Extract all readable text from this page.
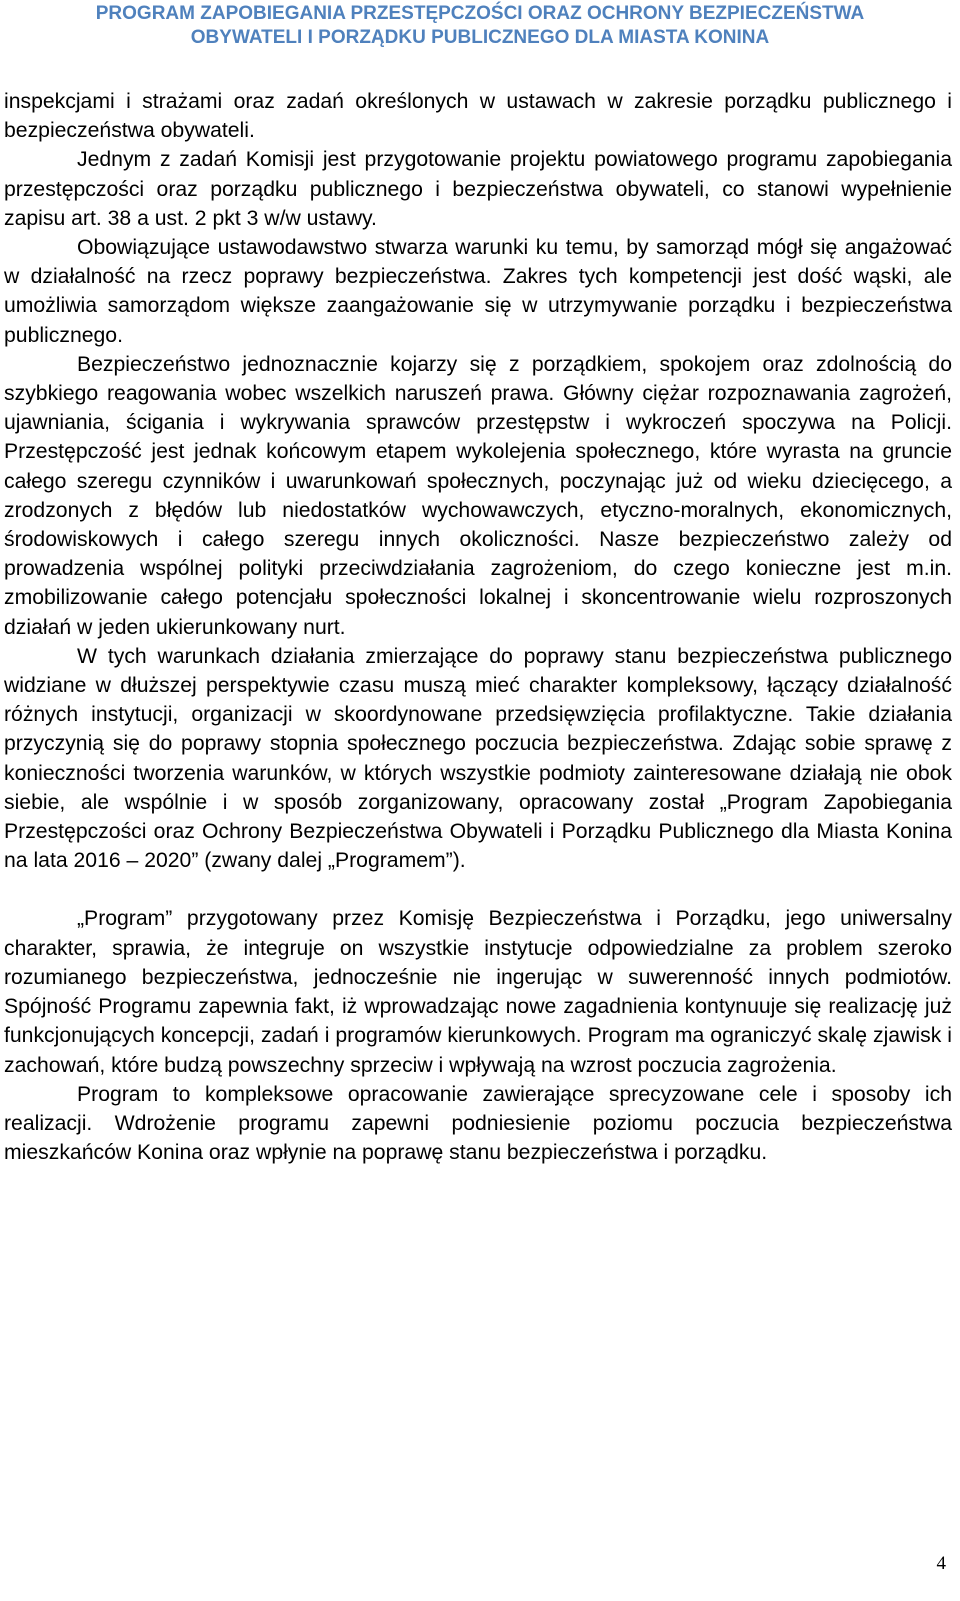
PROGRAM ZAPOBIEGANIA PRZESTĘPCZOŚCI ORAZ OCHRONY BEZPIECZEŃSTWA
OBYWATELI I PORZĄDKU PUBLICZNEGO DLA MIASTA KONINA

inspekcjami i strażami oraz zadań określonych w ustawach w zakresie porządku publicznego i bezpieczeństwa obywateli.

Jednym z zadań Komisji jest przygotowanie projektu powiatowego programu zapobiegania przestępczości oraz porządku publicznego i bezpieczeństwa obywateli, co stanowi wypełnienie zapisu art. 38 a ust. 2 pkt 3 w/w ustawy.

Obowiązujące ustawodawstwo stwarza warunki ku temu, by samorząd mógł się angażować w działalność na rzecz poprawy bezpieczeństwa. Zakres tych kompetencji jest dość wąski, ale umożliwia samorządom większe zaangażowanie się w utrzymywanie porządku i bezpieczeństwa publicznego.

Bezpieczeństwo jednoznacznie kojarzy się z porządkiem, spokojem oraz zdolnością do szybkiego reagowania wobec wszelkich naruszeń prawa. Główny ciężar rozpoznawania zagrożeń, ujawniania, ścigania i wykrywania sprawców przestępstw i wykroczeń spoczywa na Policji. Przestępczość jest jednak końcowym etapem wykolejenia społecznego, które wyrasta na gruncie całego szeregu czynników i uwarunkowań społecznych, poczynając już od wieku dziecięcego, a zrodzonych z błędów lub niedostatków wychowawczych, etyczno-moralnych, ekonomicznych, środowiskowych i całego szeregu innych okoliczności. Nasze bezpieczeństwo zależy od prowadzenia wspólnej polityki przeciwdziałania zagrożeniom, do czego konieczne jest m.in. zmobilizowanie całego potencjału społeczności lokalnej i skoncentrowanie wielu rozproszonych działań w jeden ukierunkowany nurt.

W tych warunkach działania zmierzające do poprawy stanu bezpieczeństwa publicznego widziane w dłuższej perspektywie czasu muszą mieć charakter kompleksowy, łączący działalność różnych instytucji, organizacji w skoordynowane przedsięwzięcia profilaktyczne. Takie działania przyczynią się do poprawy stopnia społecznego poczucia bezpieczeństwa. Zdając sobie sprawę z konieczności tworzenia warunków, w których wszystkie podmioty zainteresowane działają nie obok siebie, ale wspólnie i w sposób zorganizowany, opracowany został „Program Zapobiegania Przestępczości oraz Ochrony Bezpieczeństwa Obywateli i Porządku Publicznego dla Miasta Konina na lata 2016 – 2020” (zwany dalej „Programem”).

„Program” przygotowany przez Komisję Bezpieczeństwa i Porządku, jego uniwersalny charakter, sprawia, że integruje on wszystkie instytucje odpowiedzialne za problem szeroko rozumianego bezpieczeństwa, jednocześnie nie ingerując w suwerenność innych podmiotów. Spójność Programu zapewnia fakt, iż wprowadzając nowe zagadnienia kontynuuje się realizację już funkcjonujących koncepcji, zadań i programów kierunkowych. Program ma ograniczyć skalę zjawisk i zachowań, które budzą powszechny sprzeciw i wpływają na wzrost poczucia zagrożenia.

Program to kompleksowe opracowanie zawierające sprecyzowane cele i sposoby ich realizacji. Wdrożenie programu zapewni podniesienie poziomu poczucia bezpieczeństwa mieszkańców Konina oraz wpłynie na poprawę stanu bezpieczeństwa i porządku.

4
